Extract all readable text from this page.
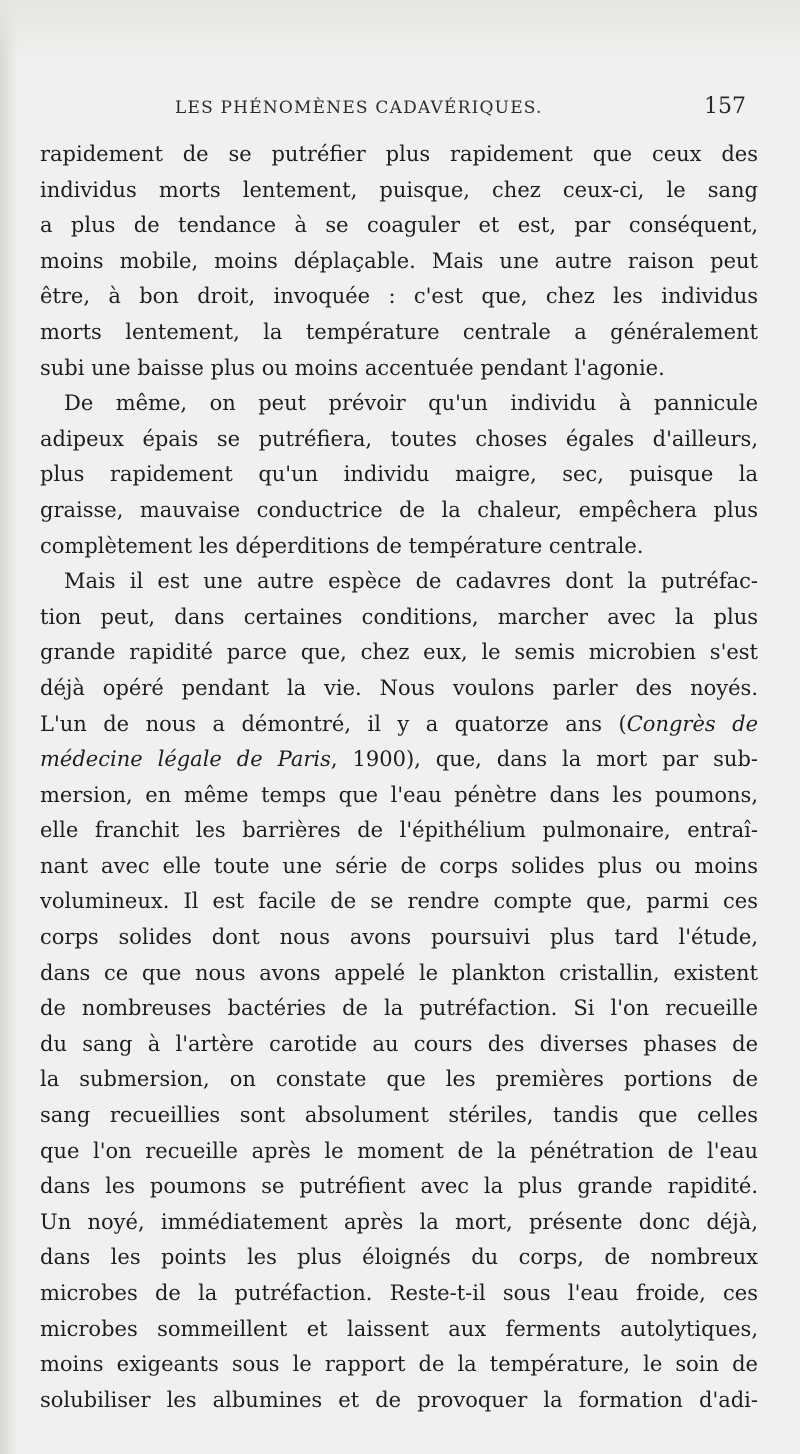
LES PHÉNOMÈNES CADAVÉRIQUES.	157
rapidement de se putréfier plus rapidement que ceux des
individus morts lentement, puisque, chez ceux-ci, le sang
a plus de tendance à se coaguler et est, par conséquent,
moins mobile, moins déplaçable. Mais une autre raison peut
être, à bon droit, invoquée : c'est que, chez les individus
morts lentement, la température centrale a généralement
subi une baisse plus ou moins accentuée pendant l'agonie.
De même, on peut prévoir qu'un individu à pannicule
adipeux épais se putréfiera, toutes choses égales d'ailleurs,
plus rapidement qu'un individu maigre, sec, puisque la
graisse, mauvaise conductrice de la chaleur, empêchera plus
complètement les déperditions de température centrale.
Mais il est une autre espèce de cadavres dont la putréfac-
tion peut, dans certaines conditions, marcher avec la plus
grande rapidité parce que, chez eux, le semis microbien s'est
déjà opéré pendant la vie. Nous voulons parler des noyés.
L'un de nous a démontré, il y a quatorze ans (Congrès de
médecine légale de Paris, 1900), que, dans la mort par sub-
mersion, en même temps que l'eau pénètre dans les poumons,
elle franchit les barrières de l'épithélium pulmonaire, entraî-
nant avec elle toute une série de corps solides plus ou moins
volumineux. Il est facile de se rendre compte que, parmi ces
corps solides dont nous avons poursuivi plus tard l'étude,
dans ce que nous avons appelé le plankton cristallin, existent
de nombreuses bactéries de la putréfaction. Si l'on recueille
du sang à l'artère carotide au cours des diverses phases de
la submersion, on constate que les premières portions de
sang recueillies sont absolument stériles, tandis que celles
que l'on recueille après le moment de la pénétration de l'eau
dans les poumons se putréfient avec la plus grande rapidité.
Un noyé, immédiatement après la mort, présente donc déjà,
dans les points les plus éloignés du corps, de nombreux
microbes de la putréfaction. Reste-t-il sous l'eau froide, ces
microbes sommeillent et laissent aux ferments autolytiques,
moins exigeants sous le rapport de la température, le soin de
solubiliser les albumines et de provoquer la formation d'adi-
